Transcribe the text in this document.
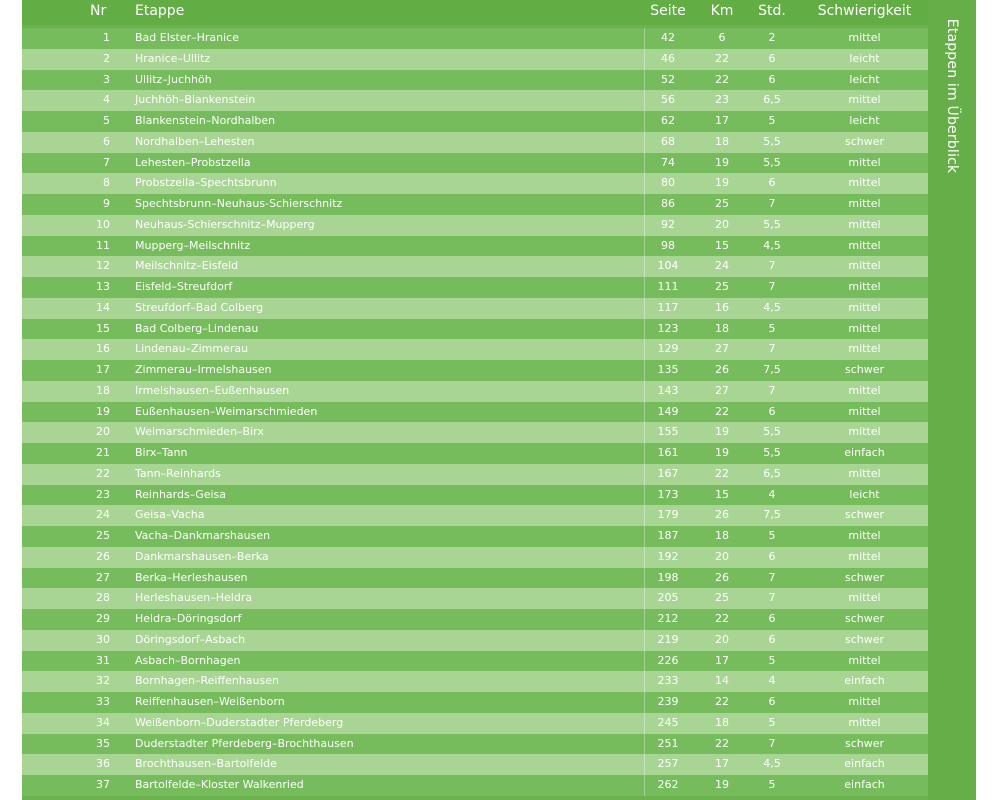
Nr Etappe	Seite	Km	Std.	Schwierigkeit
Etappen im Überblick
1 Bad Elster–Hranice	42	6	2	mittel
2 Hranice–Ullitz	46	22	6	leicht
3 Ullitz–Juchhöh	52	22	6	leicht
4 Juchhöh–Blankenstein	56	23	6,5	mittel
5 Blankenstein–Nordhalben	62	17	5	leicht
6 Nordhalben–Lehesten	68	18	5,5	schwer
7 Lehesten–Probstzella	74	19	5,5	mittel
8 Probstzella–Spechtsbrunn	80	19	6	mittel
9 Spechtsbrunn–Neuhaus-Schierschnitz	86	25	7	mittel
10 Neuhaus-Schierschnitz–Mupperg	92	20	5,5	mittel
11 Mupperg–Meilschnitz	98	15	4,5	mittel
12 Meilschnitz–Eisfeld	104	24	7	mittel
13 Eisfeld–Streufdorf	111	25	7	mittel
14 Streufdorf–Bad Colberg	117	16	4,5	mittel
15 Bad Colberg–Lindenau	123	18	5	mittel
16 Lindenau–Zimmerau	129	27	7	mittel
17 Zimmerau–Irmelshausen	135	26	7,5	schwer
18 Irmelshausen–Eußenhausen	143	27	7	mittel
19 Eußenhausen–Weimarschmieden	149	22	6	mittel
20 Weimarschmieden–Birx	155	19	5,5	mittel
21 Birx–Tann	161	19	5,5	einfach
22 Tann–Reinhards	167	22	6,5	mittel
23 Reinhards–Geisa	173	15	4	leicht
24 Geisa–Vacha	179	26	7,5	schwer
25 Vacha–Dankmarshausen	187	18	5	mittel
26 Dankmarshausen–Berka	192	20	6	mittel
27 Berka–Herleshausen	198	26	7	schwer
28 Herleshausen–Heldra	205	25	7	mittel
29 Heldra–Döringsdorf	212	22	6	schwer
30 Döringsdorf–Asbach	219	20	6	schwer
31 Asbach–Bornhagen	226	17	5	mittel
32 Bornhagen–Reiffenhausen	233	14	4	einfach
33 Reiffenhausen–Weißenborn	239	22	6	mittel
34 Weißenborn–Duderstadter Pferdeberg	245	18	5	mittel
35 Duderstadter Pferdeberg–Brochthausen	251	22	7	schwer
36 Brochthausen–Bartolfelde	257	17	4,5	einfach
37 Bartolfelde–Kloster Walkenried	262	19	5	einfach
